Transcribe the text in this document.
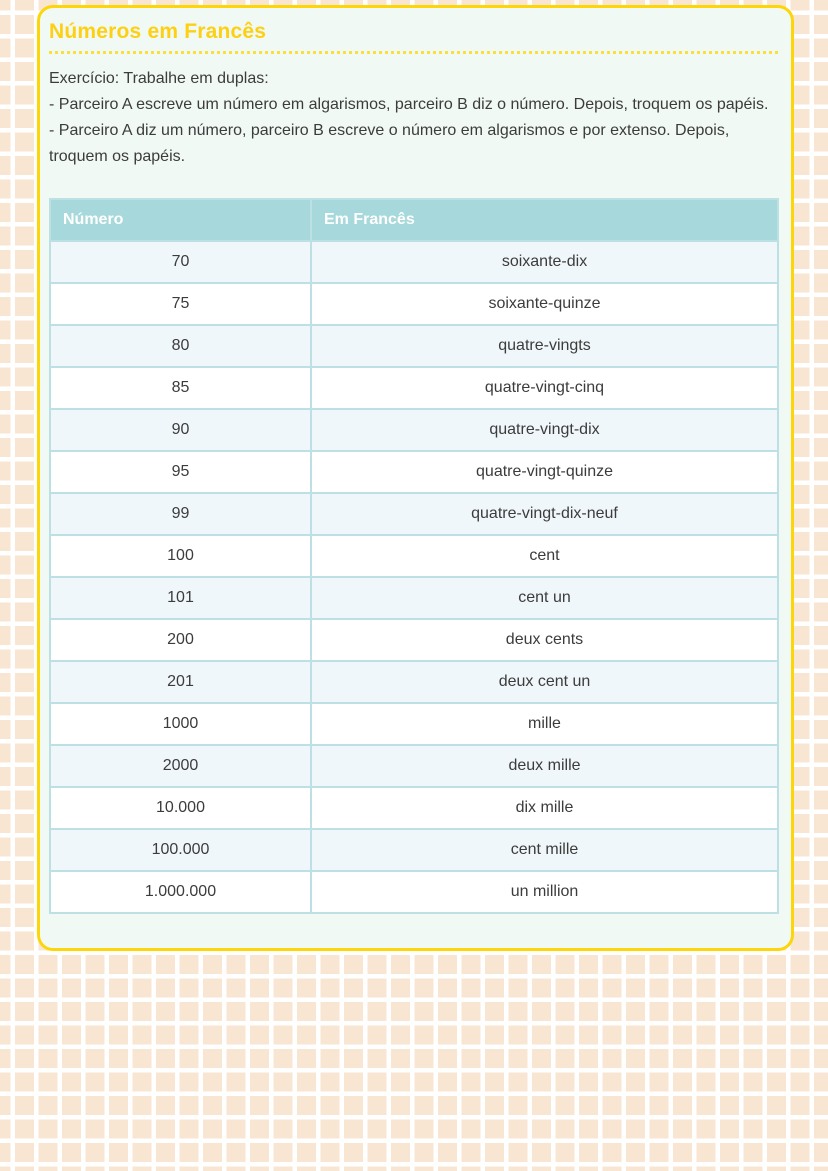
Números em Francês

Exercício: Trabalhe em duplas:

- Parceiro A escreve um número em algarismos, parceiro B diz o número. Depois, troquem os papéis.

- Parceiro A diz um número, parceiro B escreve o número em algarismos e por extenso. Depois, troquem os papéis.

Número	Em Francês
70	soixante-dix
75	soixante-quinze
80	quatre-vingts
85	quatre-vingt-cinq
90	quatre-vingt-dix
95	quatre-vingt-quinze
99	quatre-vingt-dix-neuf
100	cent
101	cent un
200	deux cents
201	deux cent un
1000	mille
2000	deux mille
10.000	dix mille
100.000	cent mille
1.000.000	un million
